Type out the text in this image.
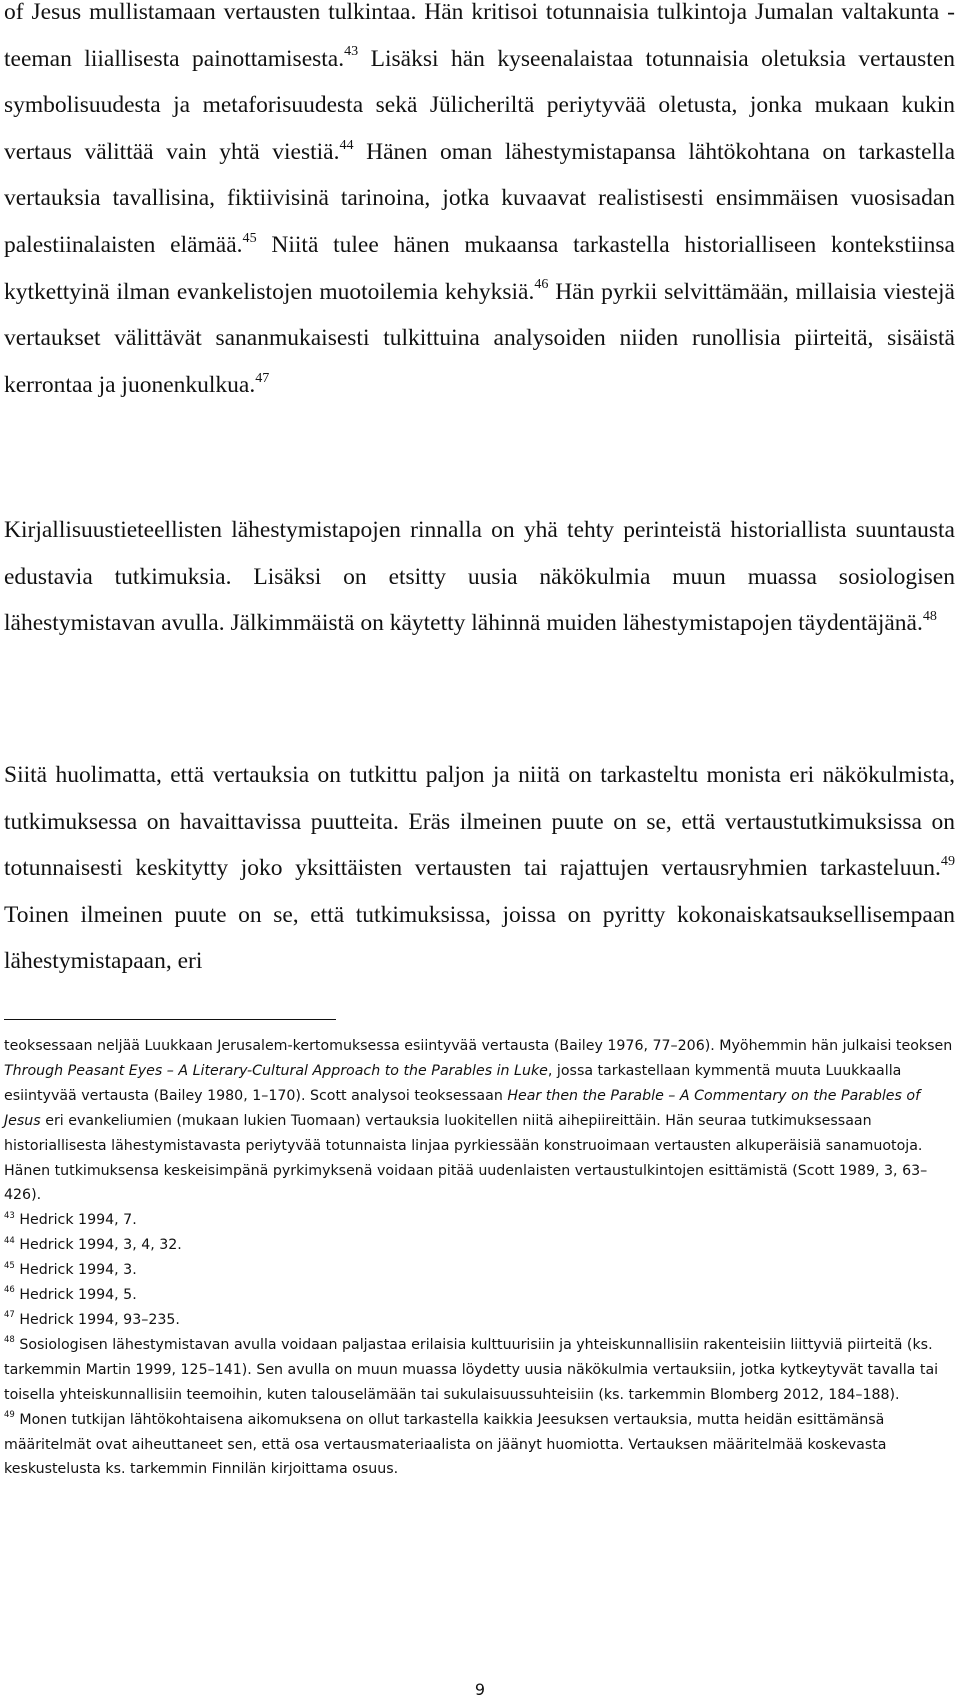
of Jesus mullistamaan vertausten tulkintaa. Hän kritisoi totunnaisia tulkintoja Jumalan valtakunta -teeman liiallisesta painottamisesta.$^{43}$ Lisäksi hän kyseenalaistaa totunnaisia oletuksia vertausten symbolisuudesta ja metaforisuudesta sekä Jülicheriltä periytyvää oletusta, jonka mukaan kukin vertaus välittää vain yhtä viestiä.$^{44}$ Hänen oman lähestymistapansa lähtökohtana on tarkastella vertauksia tavallisina, fiktiivisinä tarinoina, jotka kuvaavat realistisesti ensimmäisen vuosisadan palestiinalaisten elämää.$^{45}$ Niitä tulee hänen mukaansa tarkastella historialliseen kontekstiinsa kytkettyinä ilman evankelistojen muotoilemia kehyksiä.$^{46}$ Hän pyrkii selvittämään, millaisia viestejä vertaukset välittävät sananmukaisesti tulkittuina analysoiden niiden runollisia piirteitä, sisäistä kerrontaa ja juonenkulkua.$^{47}$

Kirjallisuustieteellisten lähestymistapojen rinnalla on yhä tehty perinteistä historiallista suuntausta edustavia tutkimuksia. Lisäksi on etsitty uusia näkökulmia muun muassa sosiologisen lähestymistavan avulla. Jälkimmäistä on käytetty lähinnä muiden lähestymistapojen täydentäjänä.$^{48}$

Siitä huolimatta, että vertauksia on tutkittu paljon ja niitä on tarkasteltu monista eri näkökulmista, tutkimuksessa on havaittavissa puutteita. Eräs ilmeinen puute on se, että vertaustutkimuksissa on totunnaisesti keskitytty joko yksittäisten vertausten tai rajattujen vertausryhmien tarkasteluun.$^{49}$ Toinen ilmeinen puute on se, että tutkimuksissa, joissa on pyritty kokonaiskatsauksellisempaan lähestymistapaan, eri

teoksessaan neljää Luukkaan Jerusalem-kertomuksessa esiintyvää vertausta (Bailey 1976, 77–206). Myöhemmin hän julkaisi teoksen Through Peasant Eyes – A Literary-Cultural Approach to the Parables in Luke, jossa tarkastellaan kymmentä muuta Luukkaalla esiintyvää vertausta (Bailey 1980, 1–170). Scott analysoi teoksessaan Hear then the Parable – A Commentary on the Parables of Jesus eri evankeliumien (mukaan lukien Tuomaan) vertauksia luokitellen niitä aihepiireittäin. Hän seuraa tutkimuksessaan historiallisesta lähestymistavasta periytyvää totunnaista linjaa pyrkiessään konstruoimaan vertausten alkuperäisiä sanamuotoja. Hänen tutkimuksensa keskeisimpänä pyrkimyksenä voidaan pitää uudenlaisten vertaustulkintojen esittämistä (Scott 1989, 3, 63–426).

$^{43}$ Hedrick 1994, 7.

$^{44}$ Hedrick 1994, 3, 4, 32.

$^{45}$ Hedrick 1994, 3.

$^{46}$ Hedrick 1994, 5.

$^{47}$ Hedrick 1994, 93–235.

$^{48}$ Sosiologisen lähestymistavan avulla voidaan paljastaa erilaisia kulttuurisiin ja yhteiskunnallisiin rakenteisiin liittyviä piirteitä (ks. tarkemmin Martin 1999, 125–141). Sen avulla on muun muassa löydetty uusia näkökulmia vertauksiin, jotka kytkeytyvät tavalla tai toisella yhteiskunnallisiin teemoihin, kuten talouselämään tai sukulaisuussuhteisiin (ks. tarkemmin Blomberg 2012, 184–188).

$^{49}$ Monen tutkijan lähtökohtaisena aikomuksena on ollut tarkastella kaikkia Jeesuksen vertauksia, mutta heidän esittämänsä määritelmät ovat aiheuttaneet sen, että osa vertausmateriaalista on jäänyt huomiotta. Vertauksen määritelmää koskevasta keskustelusta ks. tarkemmin Finnilän kirjoittama osuus.

9
